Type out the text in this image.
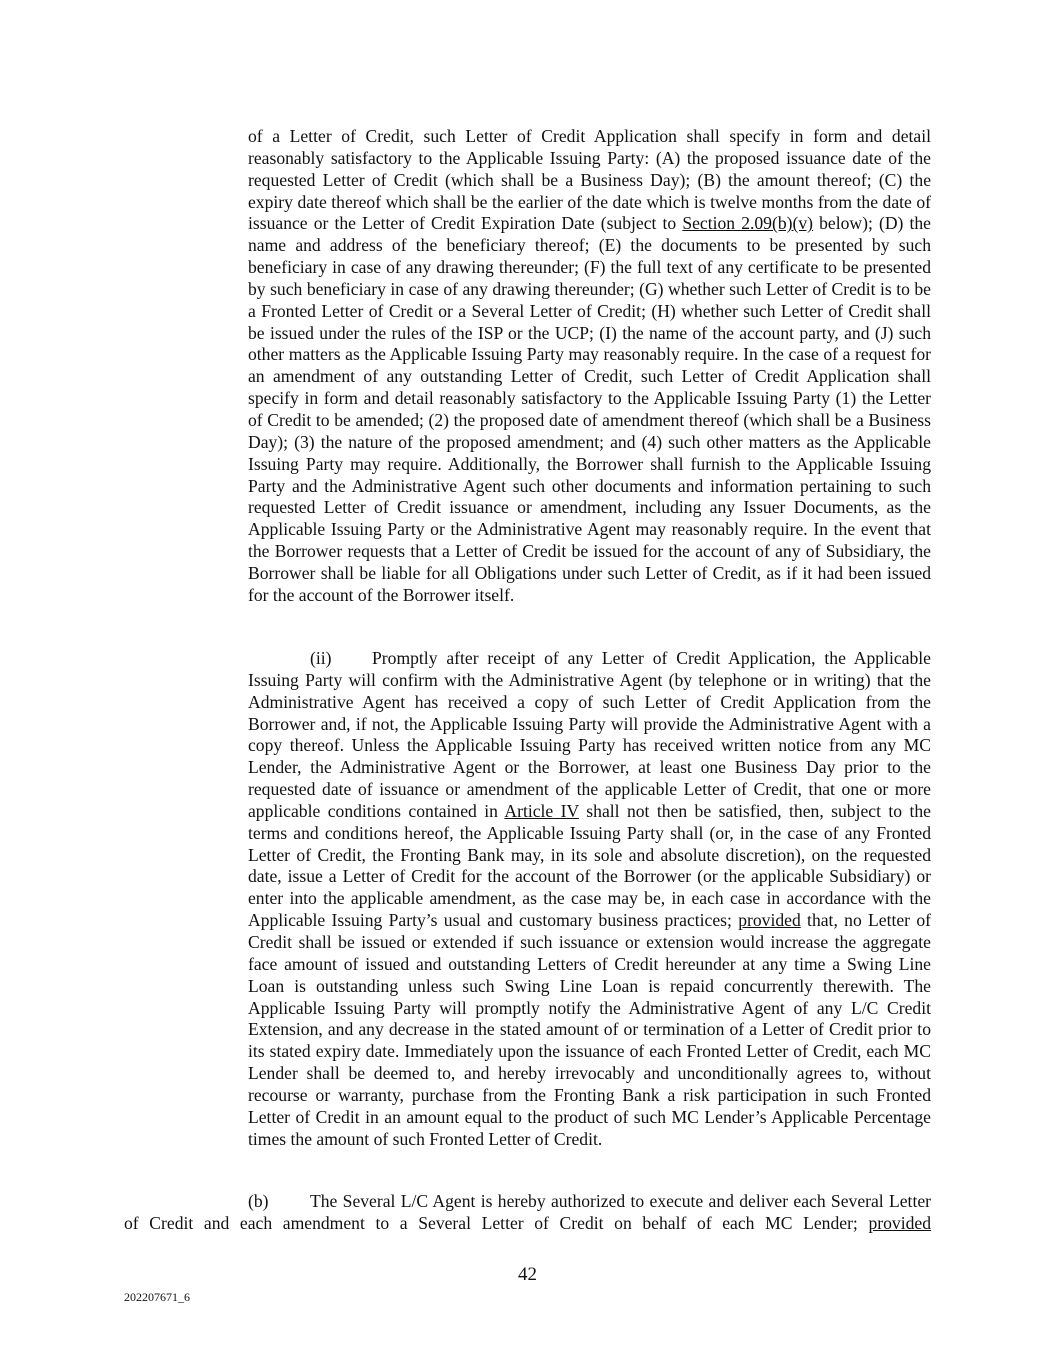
of a Letter of Credit, such Letter of Credit Application shall specify in form and detail reasonably satisfactory to the Applicable Issuing Party: (A) the proposed issuance date of the requested Letter of Credit (which shall be a Business Day); (B) the amount thereof; (C) the expiry date thereof which shall be the earlier of the date which is twelve months from the date of issuance or the Letter of Credit Expiration Date (subject to Section 2.09(b)(v) below); (D) the name and address of the beneficiary thereof; (E) the documents to be presented by such beneficiary in case of any drawing thereunder; (F) the full text of any certificate to be presented by such beneficiary in case of any drawing thereunder; (G) whether such Letter of Credit is to be a Fronted Letter of Credit or a Several Letter of Credit; (H) whether such Letter of Credit shall be issued under the rules of the ISP or the UCP; (I) the name of the account party, and (J) such other matters as the Applicable Issuing Party may reasonably require. In the case of a request for an amendment of any outstanding Letter of Credit, such Letter of Credit Application shall specify in form and detail reasonably satisfactory to the Applicable Issuing Party (1) the Letter of Credit to be amended; (2) the proposed date of amendment thereof (which shall be a Business Day); (3) the nature of the proposed amendment; and (4) such other matters as the Applicable Issuing Party may require. Additionally, the Borrower shall furnish to the Applicable Issuing Party and the Administrative Agent such other documents and information pertaining to such requested Letter of Credit issuance or amendment, including any Issuer Documents, as the Applicable Issuing Party or the Administrative Agent may reasonably require. In the event that the Borrower requests that a Letter of Credit be issued for the account of any of Subsidiary, the Borrower shall be liable for all Obligations under such Letter of Credit, as if it had been issued for the account of the Borrower itself.

(ii) Promptly after receipt of any Letter of Credit Application, the Applicable Issuing Party will confirm with the Administrative Agent (by telephone or in writing) that the Administrative Agent has received a copy of such Letter of Credit Application from the Borrower and, if not, the Applicable Issuing Party will provide the Administrative Agent with a copy thereof. Unless the Applicable Issuing Party has received written notice from any MC Lender, the Administrative Agent or the Borrower, at least one Business Day prior to the requested date of issuance or amendment of the applicable Letter of Credit, that one or more applicable conditions contained in Article IV shall not then be satisfied, then, subject to the terms and conditions hereof, the Applicable Issuing Party shall (or, in the case of any Fronted Letter of Credit, the Fronting Bank may, in its sole and absolute discretion), on the requested date, issue a Letter of Credit for the account of the Borrower (or the applicable Subsidiary) or enter into the applicable amendment, as the case may be, in each case in accordance with the Applicable Issuing Party’s usual and customary business practices; provided that, no Letter of Credit shall be issued or extended if such issuance or extension would increase the aggregate face amount of issued and outstanding Letters of Credit hereunder at any time a Swing Line Loan is outstanding unless such Swing Line Loan is repaid concurrently therewith. The Applicable Issuing Party will promptly notify the Administrative Agent of any L/C Credit Extension, and any decrease in the stated amount of or termination of a Letter of Credit prior to its stated expiry date. Immediately upon the issuance of each Fronted Letter of Credit, each MC Lender shall be deemed to, and hereby irrevocably and unconditionally agrees to, without recourse or warranty, purchase from the Fronting Bank a risk participation in such Fronted Letter of Credit in an amount equal to the product of such MC Lender’s Applicable Percentage times the amount of such Fronted Letter of Credit.

(b) The Several L/C Agent is hereby authorized to execute and deliver each Several Letter of Credit and each amendment to a Several Letter of Credit on behalf of each MC Lender; provided

42
202207671_6
